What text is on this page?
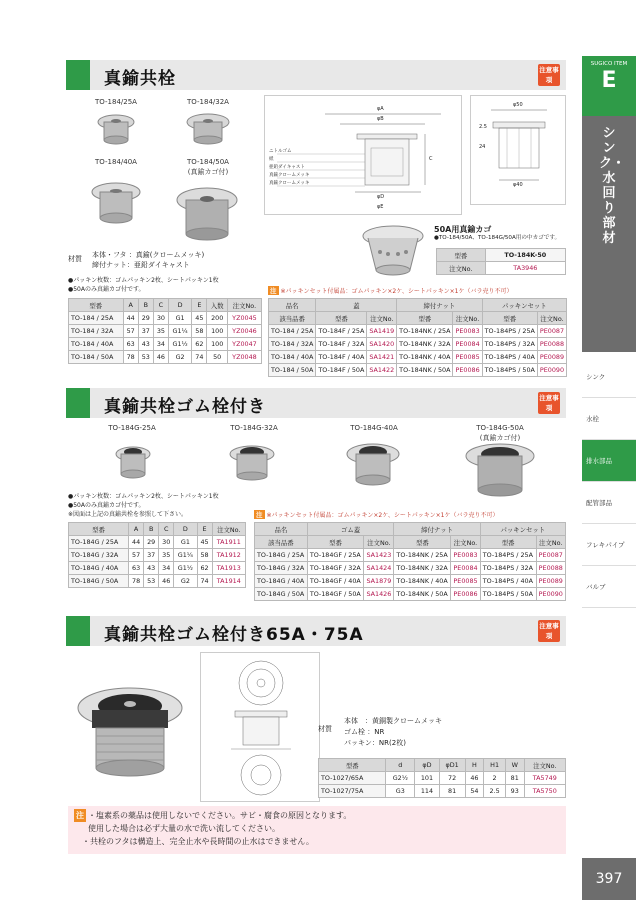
真鍮共栓	注意事項
TO-184/25A	TO-184/32A
TO-184/40A	TO-184/50A
(真鍮カゴ付)
φA
φB
C
φD
φE
ニトルゴム
紙
亜鉛ダイキャスト
真鍮クロームメッキ
真鍮クロームメッキ
φ50
φ40
24
2.5
50A用真鍮カゴ
●TO-184/50A、TO-184G/50A用の中カゴです。
型番	TO-184K-50
注文No.	TA3946
材質 本体・フタ ：真鍮(クロームメッキ)
締付ナット：亜鉛ダイキャスト
●パッキン枚数：ゴムパッキン2枚、シートパッキン1枚
●50Aのみ真鍮カゴ付です。
型番	A	B	C	D	E	入数	注文No.
TO-184 / 25A	44	29	30	G1	45	200	YZ0045
TO-184 / 32A	57	37	35	G1¼	58	100	YZ0046
TO-184 / 40A	63	43	34	G1½	62	100	YZ0047
TO-184 / 50A	78	53	46	G2	74	50	YZ0048
注 ※パッキンセット付属品：ゴムパッキン×2ケ、シートパッキン×1ケ（バラ売り不可）
品名	蓋		締付ナット		パッキンセット	
該当品番	型番	注文No.	型番	注文No.	型番	注文No.
TO-184 / 25A	TO-184F / 25A	SA1419	TO-184NK / 25A	PE0083	TO-184PS / 25A	PE0087
TO-184 / 32A	TO-184F / 32A	SA1420	TO-184NK / 32A	PE0084	TO-184PS / 32A	PE0088
TO-184 / 40A	TO-184F / 40A	SA1421	TO-184NK / 40A	PE0085	TO-184PS / 40A	PE0089
TO-184 / 50A	TO-184F / 50A	SA1422	TO-184NK / 50A	PE0086	TO-184PS / 50A	PE0090
真鍮共栓ゴム栓付き	注意事項
TO-184G-25A	TO-184G-32A	TO-184G-40A	TO-184G-50A
(真鍮カゴ付)
●パッキン枚数：ゴムパッキン2枚、シートパッキン1枚
●50Aのみ真鍮カゴ付です。
※図面は上記の真鍮共栓を参照して下さい。
型番	A	B	C	D	E	注文No.
TO-184G / 25A	44	29	30	G1	45	TA1911
TO-184G / 32A	57	37	35	G1¼	58	TA1912
TO-184G / 40A	63	43	34	G1½	62	TA1913
TO-184G / 50A	78	53	46	G2	74	TA1914
注 ※パッキンセット付属品：ゴムパッキン×2ケ、シートパッキン×1ケ（バラ売り不可）
品名	ゴム蓋		締付ナット		パッキンセット	
該当品番	型番	注文No.	型番	注文No.	型番	注文No.
TO-184G / 25A	TO-184GF / 25A	SA1423	TO-184NK / 25A	PE0083	TO-184PS / 25A	PE0087
TO-184G / 32A	TO-184GF / 32A	SA1424	TO-184NK / 32A	PE0084	TO-184PS / 32A	PE0088
TO-184G / 40A	TO-184GF / 40A	SA1879	TO-184NK / 40A	PE0085	TO-184PS / 40A	PE0089
TO-184G / 50A	TO-184GF / 50A	SA1426	TO-184NK / 50A	PE0086	TO-184PS / 50A	PE0090
真鍮共栓ゴム栓付き65A・75A	注意事項
材質
本体　：黄銅製クロームメッキ
ゴム栓 ：NR
パッキン：NR(2枚)
型番	d	φD	φD1	H	H1	W	注文No.
TO-1027/65A	G2½	101	72	46	2	81	TA5749
TO-1027/75A	G3	114	81	54	2.5	93	TA5750
注 ・塩素系の薬品は使用しないでください。サビ・腐食の原因となります。
使用した場合は必ず大量の水で洗い流してください。
・共栓のフタは構造上、完全止水や長時間の止水はできません。
SUGICO ITEM
E
シンク・水回り部材
シンク
水栓
排水部品
配管部品
フレキパイプ
バルブ
397
